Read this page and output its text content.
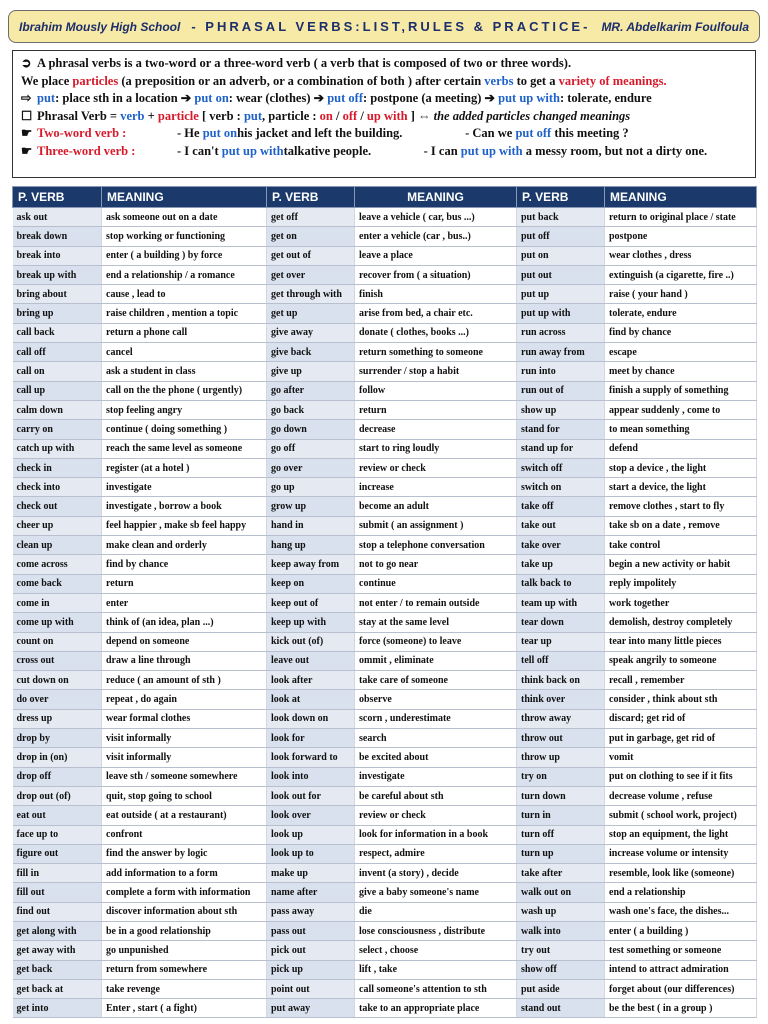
Ibrahim Mously High School - PHRASAL VERBS:LIST,RULES & PRACTICE- MR. Abdelkarim Foulfoula
➲ A phrasal verbs is a two-word or a three-word verb ( a verb that is composed of two or three words).
We place particles (a preposition or an adverb, or a combination of both ) after certain verbs to get a variety of meanings.
⇨ put: place sth in a location ➔ put on: wear (clothes) ➔ put off: postpone (a meeting) ➔ put up with: tolerate, endure
☐ Phrasal Verb = verb + particle [ verb : put, particle : on / off / up with ] ⇔ the added particles changed meanings
☛ Two-word verb :	- He put onhis jacket and left the building.	- Can we put off this meeting ?
☛ Three-word verb :	- I can't put up withtalkative people.	- I can put up with a messy room, but not a dirty one.
P. VERB	MEANING	P. VERB	MEANING	P. VERB	MEANING
ask out	ask someone out on a date	get off	leave a vehicle ( car, bus ...)	put back	return to original place / state
break down	stop working or functioning	get on	enter a vehicle (car , bus..)	put off	postpone
break into	enter ( a building ) by force	get out of	leave a place	put on	wear clothes , dress
break up with	end a relationship / a romance	get over	recover from ( a situation)	put out	extinguish (a cigarette, fire ..)
bring about	cause , lead to	get through with	finish	put up	raise ( your hand )
bring up	raise children , mention a topic	get up	arise from bed, a chair etc.	put up with	tolerate, endure
call back	return a phone call	give away	donate ( clothes, books ...)	run across	find by chance
call off	cancel	give back	return something to someone	run away from	escape
call on	ask a student in class	give up	surrender / stop a habit	run into	meet by chance
call up	call on the the phone ( urgently)	go after	follow	run out of	finish a supply of something
calm down	stop feeling angry	go back	return	show up	appear suddenly , come to
carry on	continue ( doing something )	go down	decrease	stand for	to mean something
catch up with	reach the same level as someone	go off	start to ring loudly	stand up for	defend
check in	register (at a hotel )	go over	review or check	switch off	stop a device , the light
check into	investigate	go up	increase	switch on	start a device, the light
check out	investigate , borrow a book	grow up	become an adult	take off	remove clothes , start to fly
cheer up	feel happier , make sb feel happy	hand in	submit ( an assignment )	take out	take sb on a date , remove
clean up	make clean and orderly	hang up	stop a telephone conversation	take over	take control
come across	find by chance	keep away from	not to go near	take up	begin a new activity or habit
come back	return	keep on	continue	talk back to	reply impolitely
come in	enter	keep out of	not enter / to remain outside	team up with	work together
come up with	think of (an idea, plan ...)	keep up with	stay at the same level	tear down	demolish, destroy completely
count on	depend on someone	kick out (of)	force (someone) to leave	tear up	tear into many little pieces
cross out	draw a line through	leave out	ommit , eliminate	tell off	speak angrily to someone
cut down on	reduce ( an amount of sth )	look after	take care of someone	think back on	recall , remember
do over	repeat , do again	look at	observe	think over	consider , think about sth
dress up	wear formal clothes	look down on	scorn , underestimate	throw away	discard; get rid of
drop by	visit informally	look for	search	throw out	put in garbage, get rid of
drop in (on)	visit informally	look forward to	be excited about	throw up	vomit
drop off	leave sth / someone somewhere	look into	investigate	try on	put on clothing to see if it fits
drop out (of)	quit, stop going to school	look out for	be careful about sth	turn down	decrease volume , refuse
eat out	eat outside ( at a restaurant)	look over	review or check	turn in	submit ( school work, project)
face up to	confront	look up	look for information in a book	turn off	stop an equipment, the light
figure out	find the answer by logic	look up to	respect, admire	turn up	increase volume or intensity
fill in	add information to a form	make up	invent (a story) , decide	take after	resemble, look like (someone)
fill out	complete a form with information	name after	give a baby someone's name	walk out on	end a relationship
find out	discover information about sth	pass away	die	wash up	wash one's face, the dishes...
get along with	be in a good relationship	pass out	lose consciousness , distribute	walk into	enter ( a building )
get away with	go unpunished	pick out	select , choose	try out	test something or someone
get back	return from somewhere	pick up	lift , take	show off	intend to attract admiration
get back at	take revenge	point out	call someone's attention to sth	put aside	forget about (our differences)
get into	Enter , start ( a fight)	put away	take to an appropriate place	stand out	be the best ( in a group )
